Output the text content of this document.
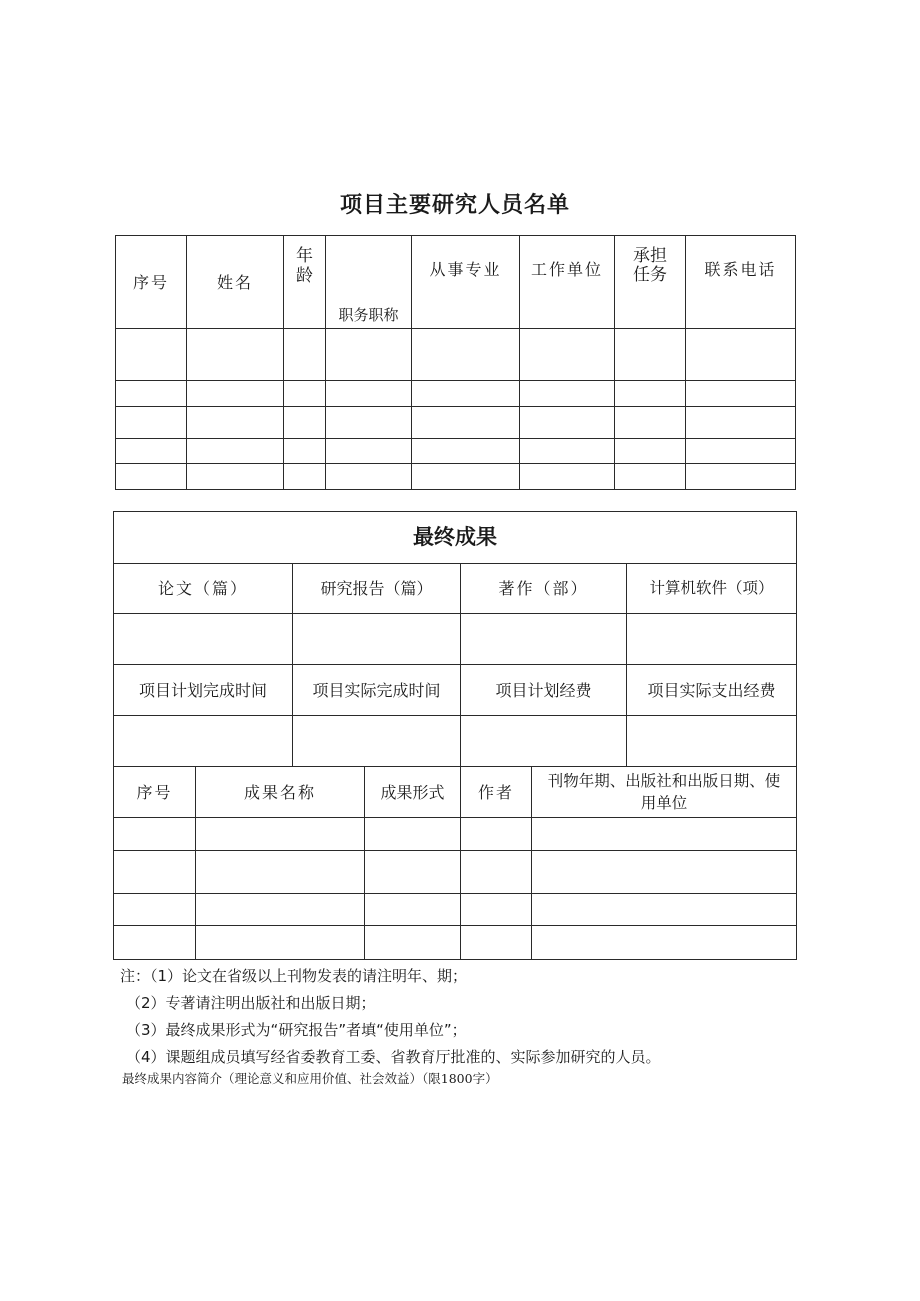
项目主要研究人员名单
序号	姓名	年龄	职务职称	从事专业	工作单位	承担任务	联系电话

最终成果						
论文（篇）		研究报告（篇）		著作（部）		计算机软件（项）

项目计划完成时间		项目实际完成时间		项目计划经费		项目实际支出经费

序号	成果名称		成果形式	作者	刊物年期、出版社和出版日期、使用单位	

注：（1）论文在省级以上刊物发表的请注明年、期；
（2）专著请注明出版社和出版日期；
（3）最终成果形式为“研究报告”者填“使用单位”；
（4）课题组成员填写经省委教育工委、省教育厅批准的、实际参加研究的人员。
最终成果内容简介（理论意义和应用价值、社会效益）（限1800字）
